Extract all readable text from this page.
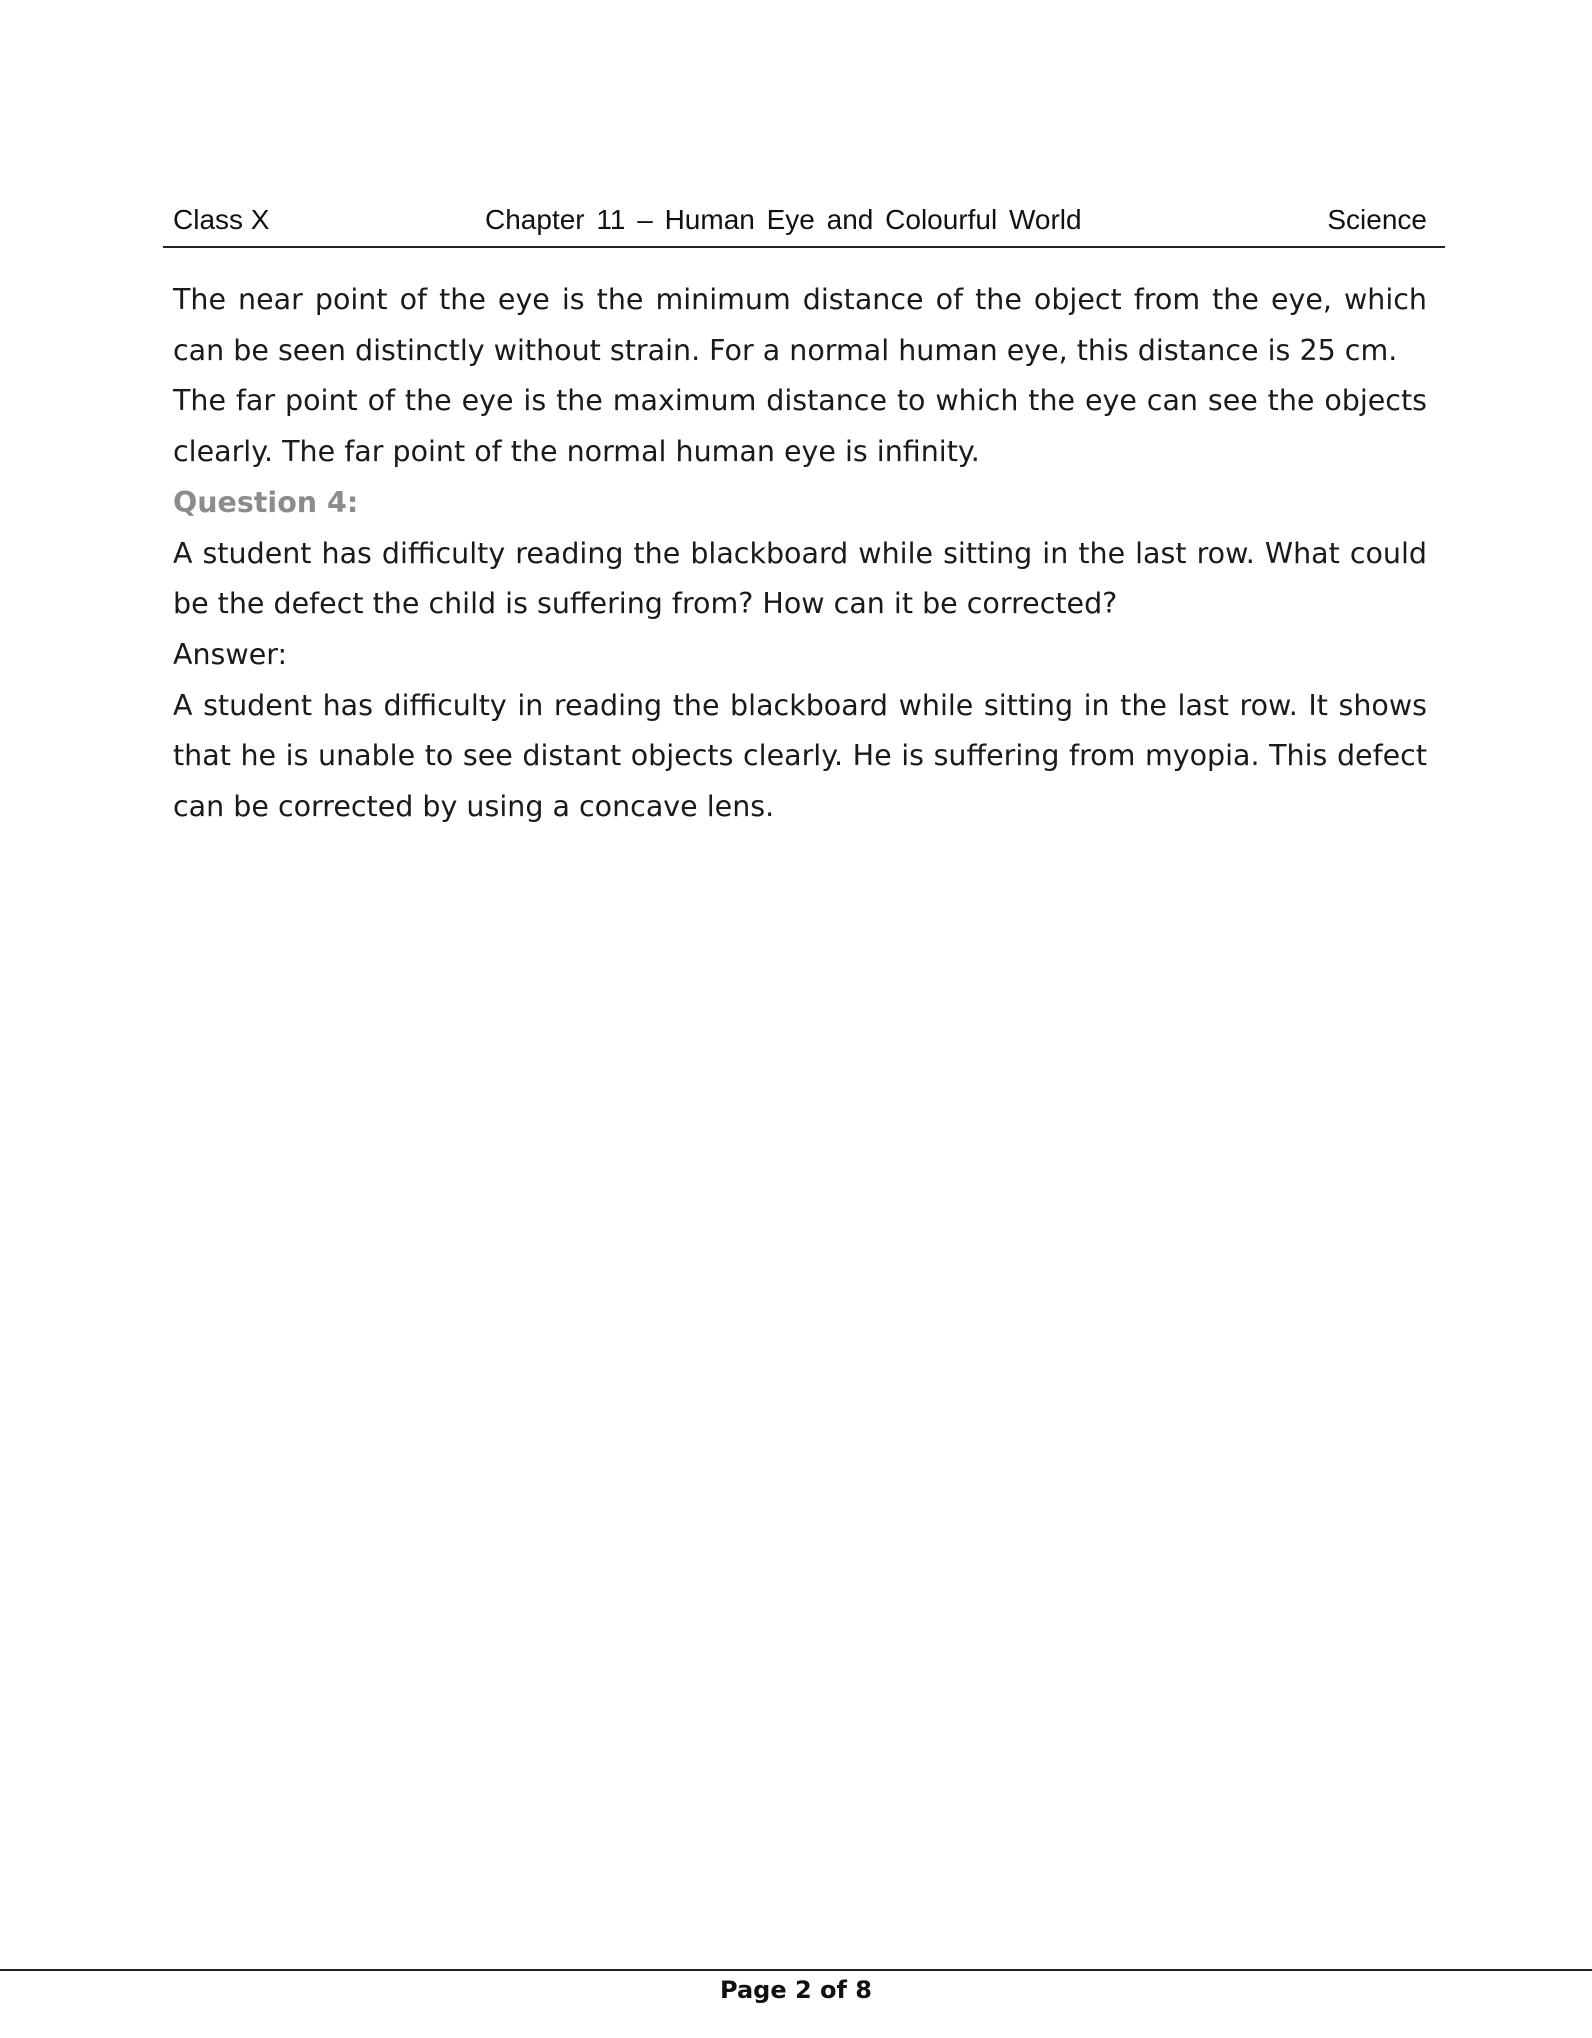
Class X	Chapter 11 – Human Eye and Colourful World	Science

The near point of the eye is the minimum distance of the object from the eye, which can be seen distinctly without strain. For a normal human eye, this distance is 25 cm.

The far point of the eye is the maximum distance to which the eye can see the objects clearly. The far point of the normal human eye is infinity.

Question 4:

A student has difficulty reading the blackboard while sitting in the last row. What could be the defect the child is suffering from? How can it be corrected?

Answer:

A student has difficulty in reading the blackboard while sitting in the last row. It shows that he is unable to see distant objects clearly. He is suffering from myopia. This defect can be corrected by using a concave lens.

Page 2 of 8
